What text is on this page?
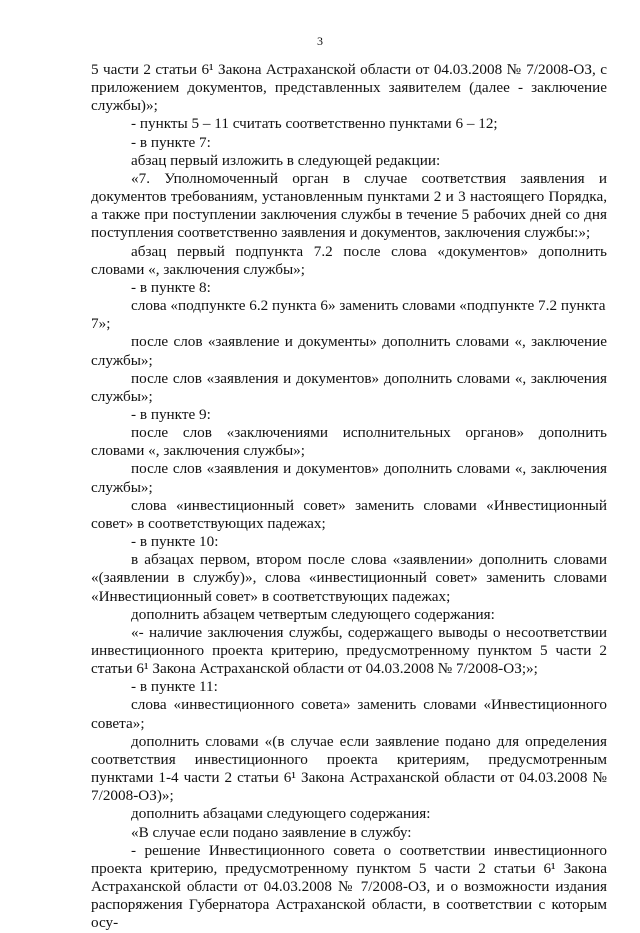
3

5 части 2 статьи 6¹ Закона Астраханской области от 04.03.2008 № 7/2008-ОЗ, с приложением документов, представленных заявителем (далее - заключение службы)»;

- пункты 5 – 11 считать соответственно пунктами 6 – 12;

- в пункте 7:

абзац первый изложить в следующей редакции:

«7. Уполномоченный орган в случае соответствия заявления и документов требованиям, установленным пунктами 2 и 3 настоящего Порядка, а также при поступлении заключения службы в течение 5 рабочих дней со дня поступления соответственно заявления и документов, заключения службы:»;

абзац первый подпункта 7.2 после слова «документов» дополнить словами «, заключения службы»;

- в пункте 8:

слова «подпункте 6.2 пункта 6» заменить словами «подпункте 7.2 пункта 7»;

после слов «заявление и документы» дополнить словами «, заключение службы»;

после слов «заявления и документов» дополнить словами «, заключения службы»;

- в пункте 9:

после слов «заключениями исполнительных органов» дополнить словами «, заключения службы»;

после слов «заявления и документов» дополнить словами «, заключения службы»;

слова «инвестиционный совет» заменить словами «Инвестиционный совет» в соответствующих падежах;

- в пункте 10:

в абзацах первом, втором после слова «заявлении» дополнить словами «(заявлении в службу)», слова «инвестиционный совет» заменить словами «Инвестиционный совет» в соответствующих падежах;

дополнить абзацем четвертым следующего содержания:

«- наличие заключения службы, содержащего выводы о несоответствии инвестиционного проекта критерию, предусмотренному пунктом 5 части 2 статьи 6¹ Закона Астраханской области от 04.03.2008 № 7/2008-ОЗ;»;

- в пункте 11:

слова «инвестиционного совета» заменить словами «Инвестиционного совета»;

дополнить словами «(в случае если заявление подано для определения соответствия инвестиционного проекта критериям, предусмотренным пунктами 1-4 части 2 статьи 6¹ Закона Астраханской области от 04.03.2008 № 7/2008-ОЗ)»;

дополнить абзацами следующего содержания:

«В случае если подано заявление в службу:

- решение Инвестиционного совета о соответствии инвестиционного проекта критерию, предусмотренному пунктом 5 части 2 статьи 6¹ Закона Астраханской области от 04.03.2008 № 7/2008-ОЗ, и о возможности издания распоряжения Губернатора Астраханской области, в соответствии с которым осу-
